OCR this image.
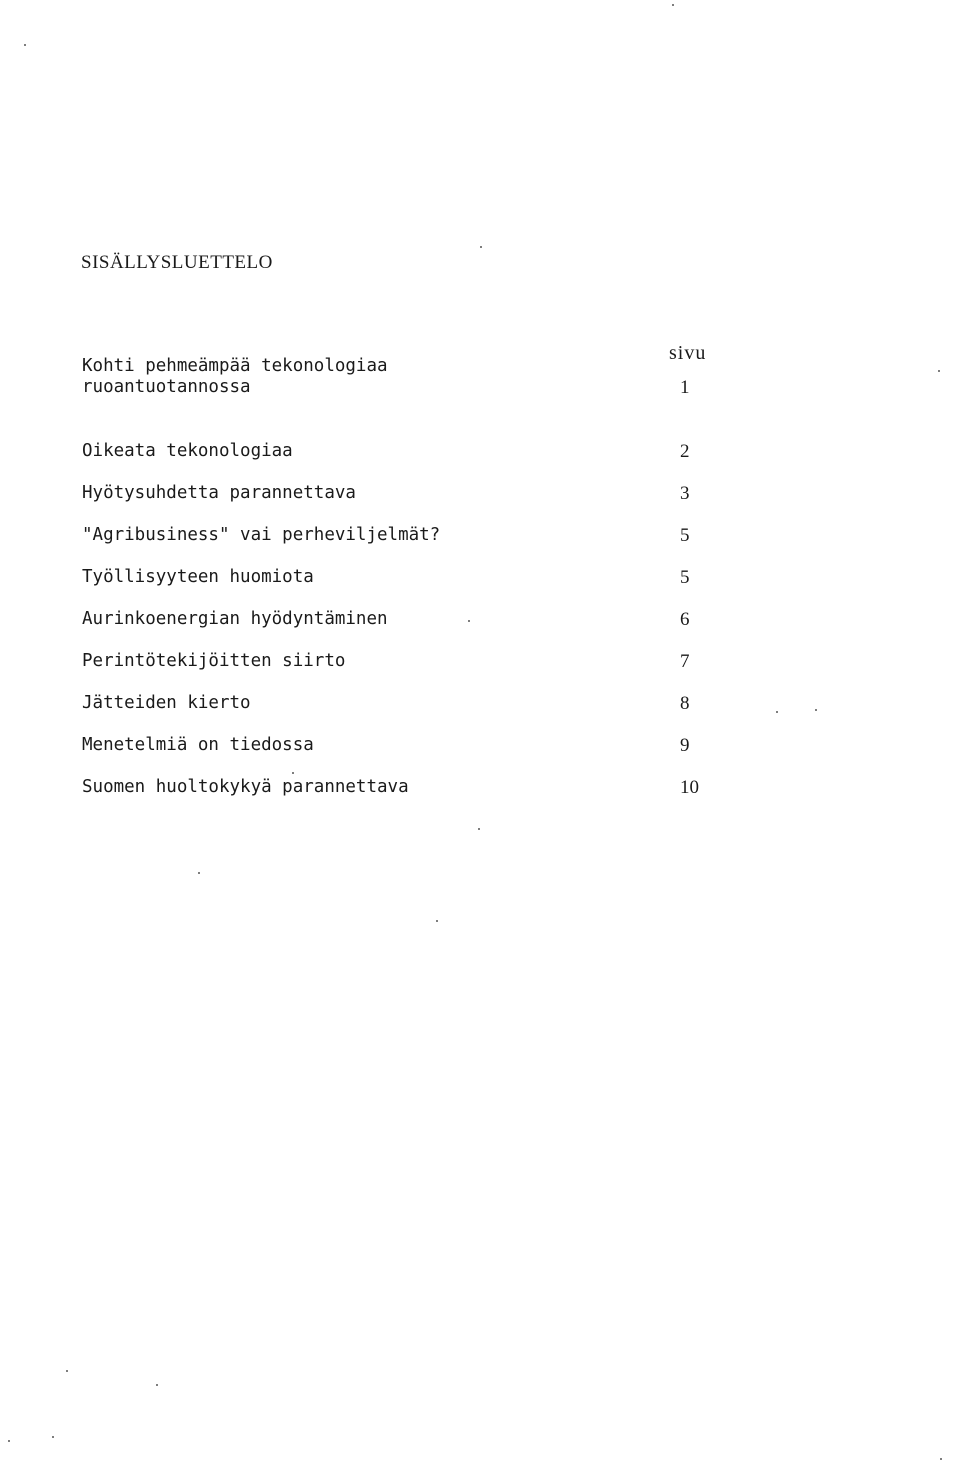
SISÄLLYSLUETTELO
sivu
Kohti pehmeämpää tekonologiaa
ruoantuotannossa	1
Oikeata tekonologiaa	2
Hyötysuhdetta parannettava	3
"Agribusiness" vai perheviljelmät?	5
Työllisyyteen huomiota	5
Aurinkoenergian hyödyntäminen	6
Perintötekijöitten siirto	7
Jätteiden kierto	8
Menetelmiä on tiedossa	9
Suomen huoltokykyä parannettava	10
